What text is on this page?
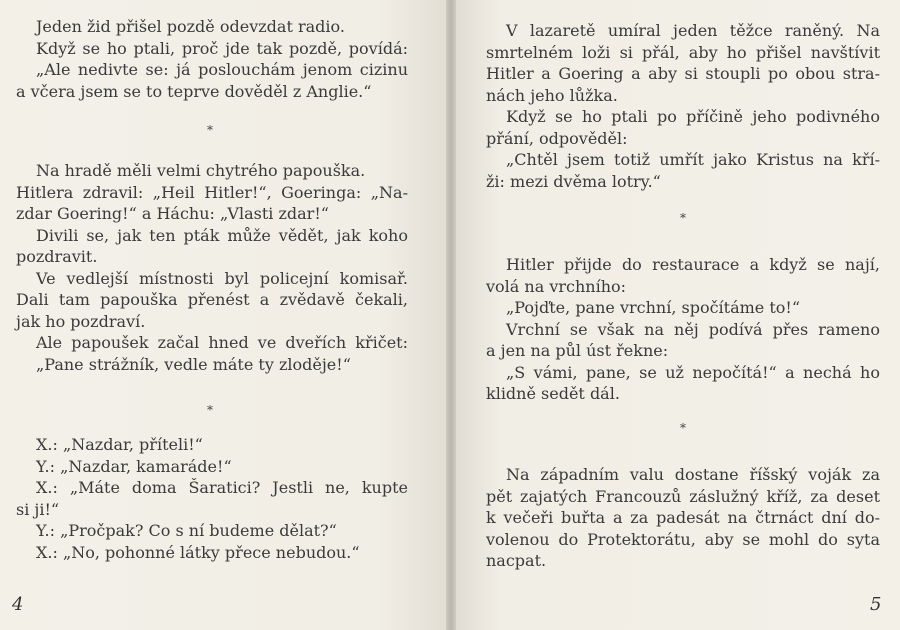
Jeden žid přišel pozdě odevzdat radio.
Když se ho ptali, proč jde tak pozdě, povídá:
„Ale nedivte se: já poslouchám jenom cizinu
a včera jsem se to teprve dověděl z Anglie.“
*
Na hradě měli velmi chytrého papouška.
Hitlera zdravil: „Heil Hitler!“, Goeringa: „Na-
zdar Goering!“ a Háchu: „Vlasti zdar!“
Divili se, jak ten pták může vědět, jak koho
pozdravit.
Ve vedlejší místnosti byl policejní komisař.
Dali tam papouška přenést a zvědavě čekali,
jak ho pozdraví.
Ale papoušek začal hned ve dveřích křičet:
„Pane strážník, vedle máte ty zloděje!“
*
X.: „Nazdar, příteli!“
Y.: „Nazdar, kamaráde!“
X.: „Máte doma Šaratici? Jestli ne, kupte
si ji!“
Y.: „Pročpak? Co s ní budeme dělat?“
X.: „No, pohonné látky přece nebudou.“
4
V lazaretě umíral jeden těžce raněný. Na
smrtelném loži si přál, aby ho přišel navštívit
Hitler a Goering a aby si stoupli po obou stra-
nách jeho lůžka.
Když se ho ptali po příčině jeho podivného
přání, odpověděl:
„Chtěl jsem totiž umřít jako Kristus na kří-
ži: mezi dvěma lotry.“
*
Hitler přijde do restaurace a když se nají,
volá na vrchního:
„Pojďte, pane vrchní, spočítáme to!“
Vrchní se však na něj podívá přes rameno
a jen na půl úst řekne:
„S vámi, pane, se už nepočítá!“ a nechá ho
klidně sedět dál.
*
Na západním valu dostane říšský voják za
pět zajatých Francouzů záslužný kříž, za deset
k večeři buřta a za padesát na čtrnáct dní do-
volenou do Protektorátu, aby se mohl do syta
nacpat.
5
